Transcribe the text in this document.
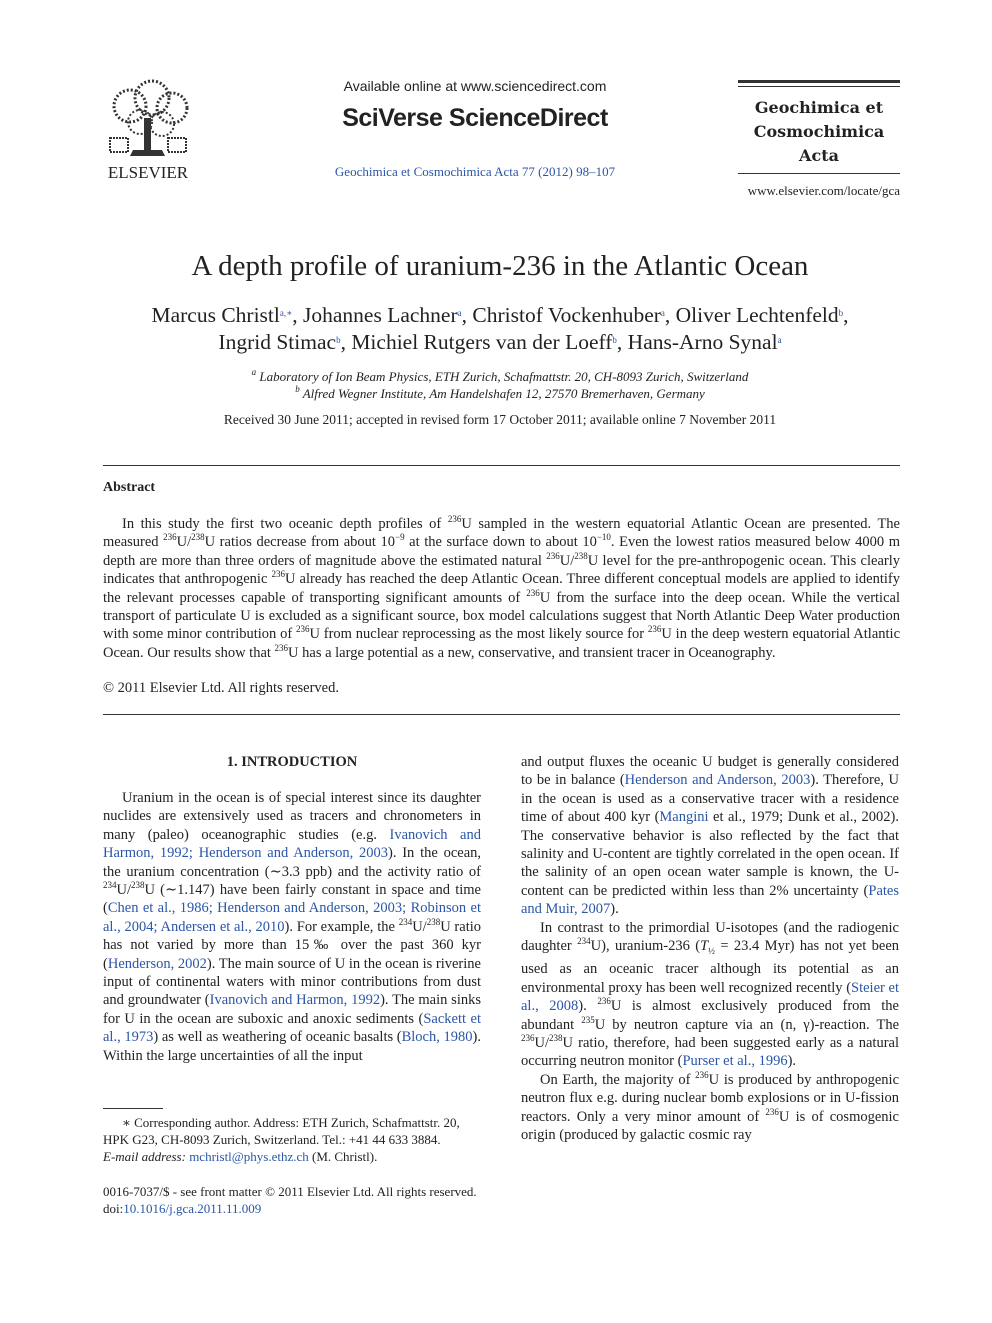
ELSEVIER
Available online at www.sciencedirect.com
SciVerse ScienceDirect
Geochimica et Cosmochimica Acta 77 (2012) 98–107
Geochimica et
Cosmochimica
Acta
www.elsevier.com/locate/gca
A depth profile of uranium-236 in the Atlantic Ocean
Marcus Christl$^{a,∗}$, Johannes Lachner$^a$, Christof Vockenhuber$^a$, Oliver Lechtenfeld$^b$,
Ingrid Stimac$^b$, Michiel Rutgers van der Loeff$^b$, Hans-Arno Synal$^a$
$^a$ Laboratory of Ion Beam Physics, ETH Zurich, Schafmattstr. 20, CH-8093 Zurich, Switzerland
$^b$ Alfred Wegner Institute, Am Handelshafen 12, 27570 Bremerhaven, Germany
Received 30 June 2011; accepted in revised form 17 October 2011; available online 7 November 2011
Abstract
In this study the first two oceanic depth profiles of $^{236}$U sampled in the western equatorial Atlantic Ocean are presented. The measured $^{236}$U/$^{238}$U ratios decrease from about $10^{-9}$ at the surface down to about $10^{-10}$. Even the lowest ratios measured below 4000 m depth are more than three orders of magnitude above the estimated natural $^{236}$U/$^{238}$U level for the pre-anthropogenic ocean. This clearly indicates that anthropogenic $^{236}$U already has reached the deep Atlantic Ocean. Three different conceptual models are applied to identify the relevant processes capable of transporting significant amounts of $^{236}$U from the surface into the deep ocean. While the vertical transport of particulate U is excluded as a significant source, box model calculations suggest that North Atlantic Deep Water production with some minor contribution of $^{236}$U from nuclear reprocessing as the most likely source for $^{236}$U in the deep western equatorial Atlantic Ocean. Our results show that $^{236}$U has a large potential as a new, conservative, and transient tracer in Oceanography.
© 2011 Elsevier Ltd. All rights reserved.
1. INTRODUCTION
Uranium in the ocean is of special interest since its daughter nuclides are extensively used as tracers and chronometers in many (paleo) oceanographic studies (e.g. Ivanovich and Harmon, 1992; Henderson and Anderson, 2003). In the ocean, the uranium concentration (∼3.3 ppb) and the activity ratio of $^{234}$U/$^{238}$U (∼1.147) have been fairly constant in space and time (Chen et al., 1986; Henderson and Anderson, 2003; Robinson et al., 2004; Andersen et al., 2010). For example, the $^{234}$U/$^{238}$U ratio has not varied by more than 15‰ over the past 360 kyr (Henderson, 2002). The main source of U in the ocean is riverine input of continental waters with minor contributions from dust and groundwater (Ivanovich and Harmon, 1992). The main sinks for U in the ocean are suboxic and anoxic sediments (Sackett et al., 1973) as well as weathering of oceanic basalts (Bloch, 1980). Within the large uncertainties of all the input
∗ Corresponding author. Address: ETH Zurich, Schafmattstr. 20, HPK G23, CH-8093 Zurich, Switzerland. Tel.: +41 44 633 3884.
E-mail address: mchristl@phys.ethz.ch (M. Christl).
0016-7037/$ - see front matter © 2011 Elsevier Ltd. All rights reserved.
doi:10.1016/j.gca.2011.11.009

and output fluxes the oceanic U budget is generally considered to be in balance (Henderson and Anderson, 2003). Therefore, U in the ocean is used as a conservative tracer with a residence time of about 400 kyr (Mangini et al., 1979; Dunk et al., 2002). The conservative behavior is also reflected by the fact that salinity and U-content are tightly correlated in the open ocean. If the salinity of an open ocean water sample is known, the U-content can be predicted within less than 2% uncertainty (Pates and Muir, 2007).

In contrast to the primordial U-isotopes (and the radiogenic daughter $^{234}$U), uranium-236 ($T_{\frac{1}{2}} = 23.4$ Myr) has not yet been used as an oceanic tracer although its potential as an environmental proxy has been well recognized recently (Steier et al., 2008). $^{236}$U is almost exclusively produced from the abundant $^{235}$U by neutron capture via an (n, γ)-reaction. The $^{236}$U/$^{238}$U ratio, therefore, had been suggested early as a natural occurring neutron monitor (Purser et al., 1996).

On Earth, the majority of $^{236}$U is produced by anthropogenic neutron flux e.g. during nuclear bomb explosions or in U-fission reactors. Only a very minor amount of $^{236}$U is of cosmogenic origin (produced by galactic cosmic ray
